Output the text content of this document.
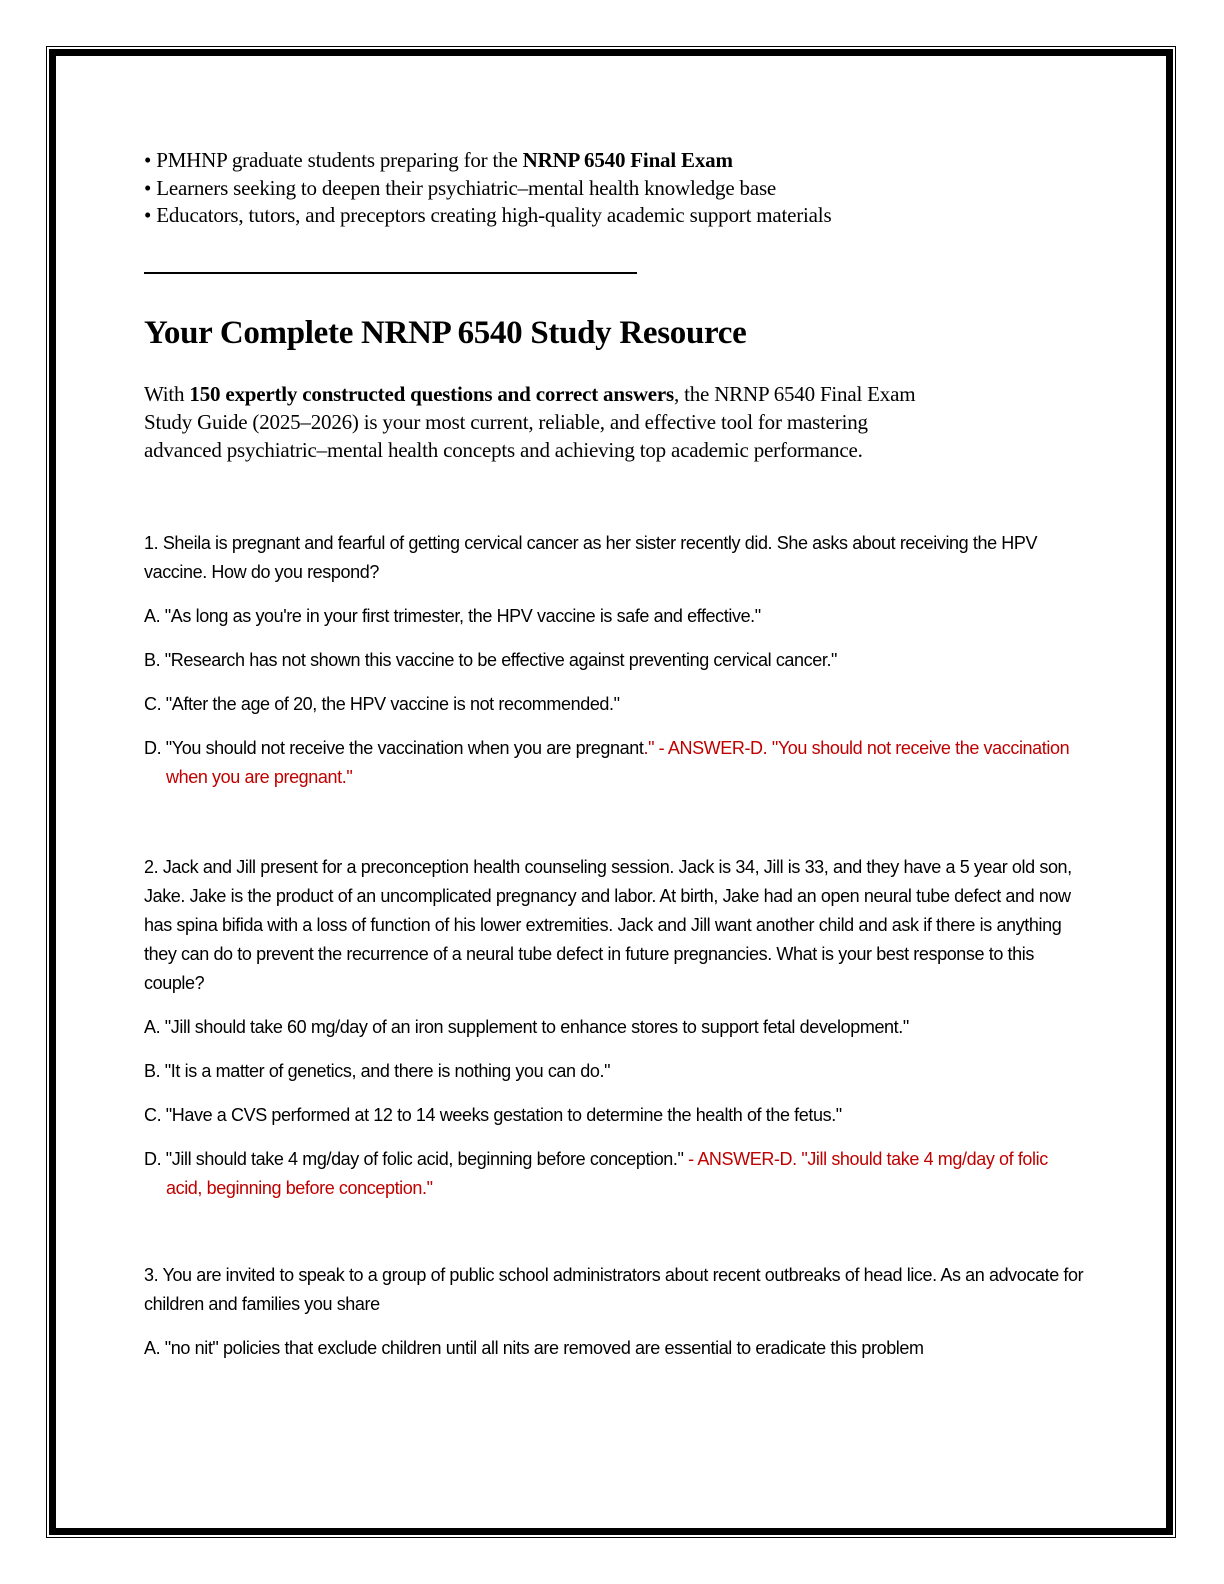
• PMHNP graduate students preparing for the NRNP 6540 Final Exam
• Learners seeking to deepen their psychiatric–mental health knowledge base
• Educators, tutors, and preceptors creating high-quality academic support materials
Your Complete NRNP 6540 Study Resource
With 150 expertly constructed questions and correct answers, the NRNP 6540 Final Exam
Study Guide (2025–2026) is your most current, reliable, and effective tool for mastering
advanced psychiatric–mental health concepts and achieving top academic performance.

1. Sheila is pregnant and fearful of getting cervical cancer as her sister recently did. She asks about receiving the HPV vaccine. How do you respond?

A. "As long as you're in your first trimester, the HPV vaccine is safe and effective."
B. "Research has not shown this vaccine to be effective against preventing cervical cancer."
C. "After the age of 20, the HPV vaccine is not recommended."
D. "You should not receive the vaccination when you are pregnant." - ANSWER-D. "You should not receive the vaccination when you are pregnant."

2. Jack and Jill present for a preconception health counseling session. Jack is 34, Jill is 33, and they have a 5 year old son, Jake. Jake is the product of an uncomplicated pregnancy and labor. At birth, Jake had an open neural tube defect and now has spina bifida with a loss of function of his lower extremities. Jack and Jill want another child and ask if there is anything they can do to prevent the recurrence of a neural tube defect in future pregnancies. What is your best response to this couple?

A. "Jill should take 60 mg/day of an iron supplement to enhance stores to support fetal development."
B. "It is a matter of genetics, and there is nothing you can do."
C. "Have a CVS performed at 12 to 14 weeks gestation to determine the health of the fetus."
D. "Jill should take 4 mg/day of folic acid, beginning before conception." - ANSWER-D. "Jill should take 4 mg/day of folic acid, beginning before conception."

3. You are invited to speak to a group of public school administrators about recent outbreaks of head lice. As an advocate for children and families you share

A. "no nit" policies that exclude children until all nits are removed are essential to eradicate this problem
